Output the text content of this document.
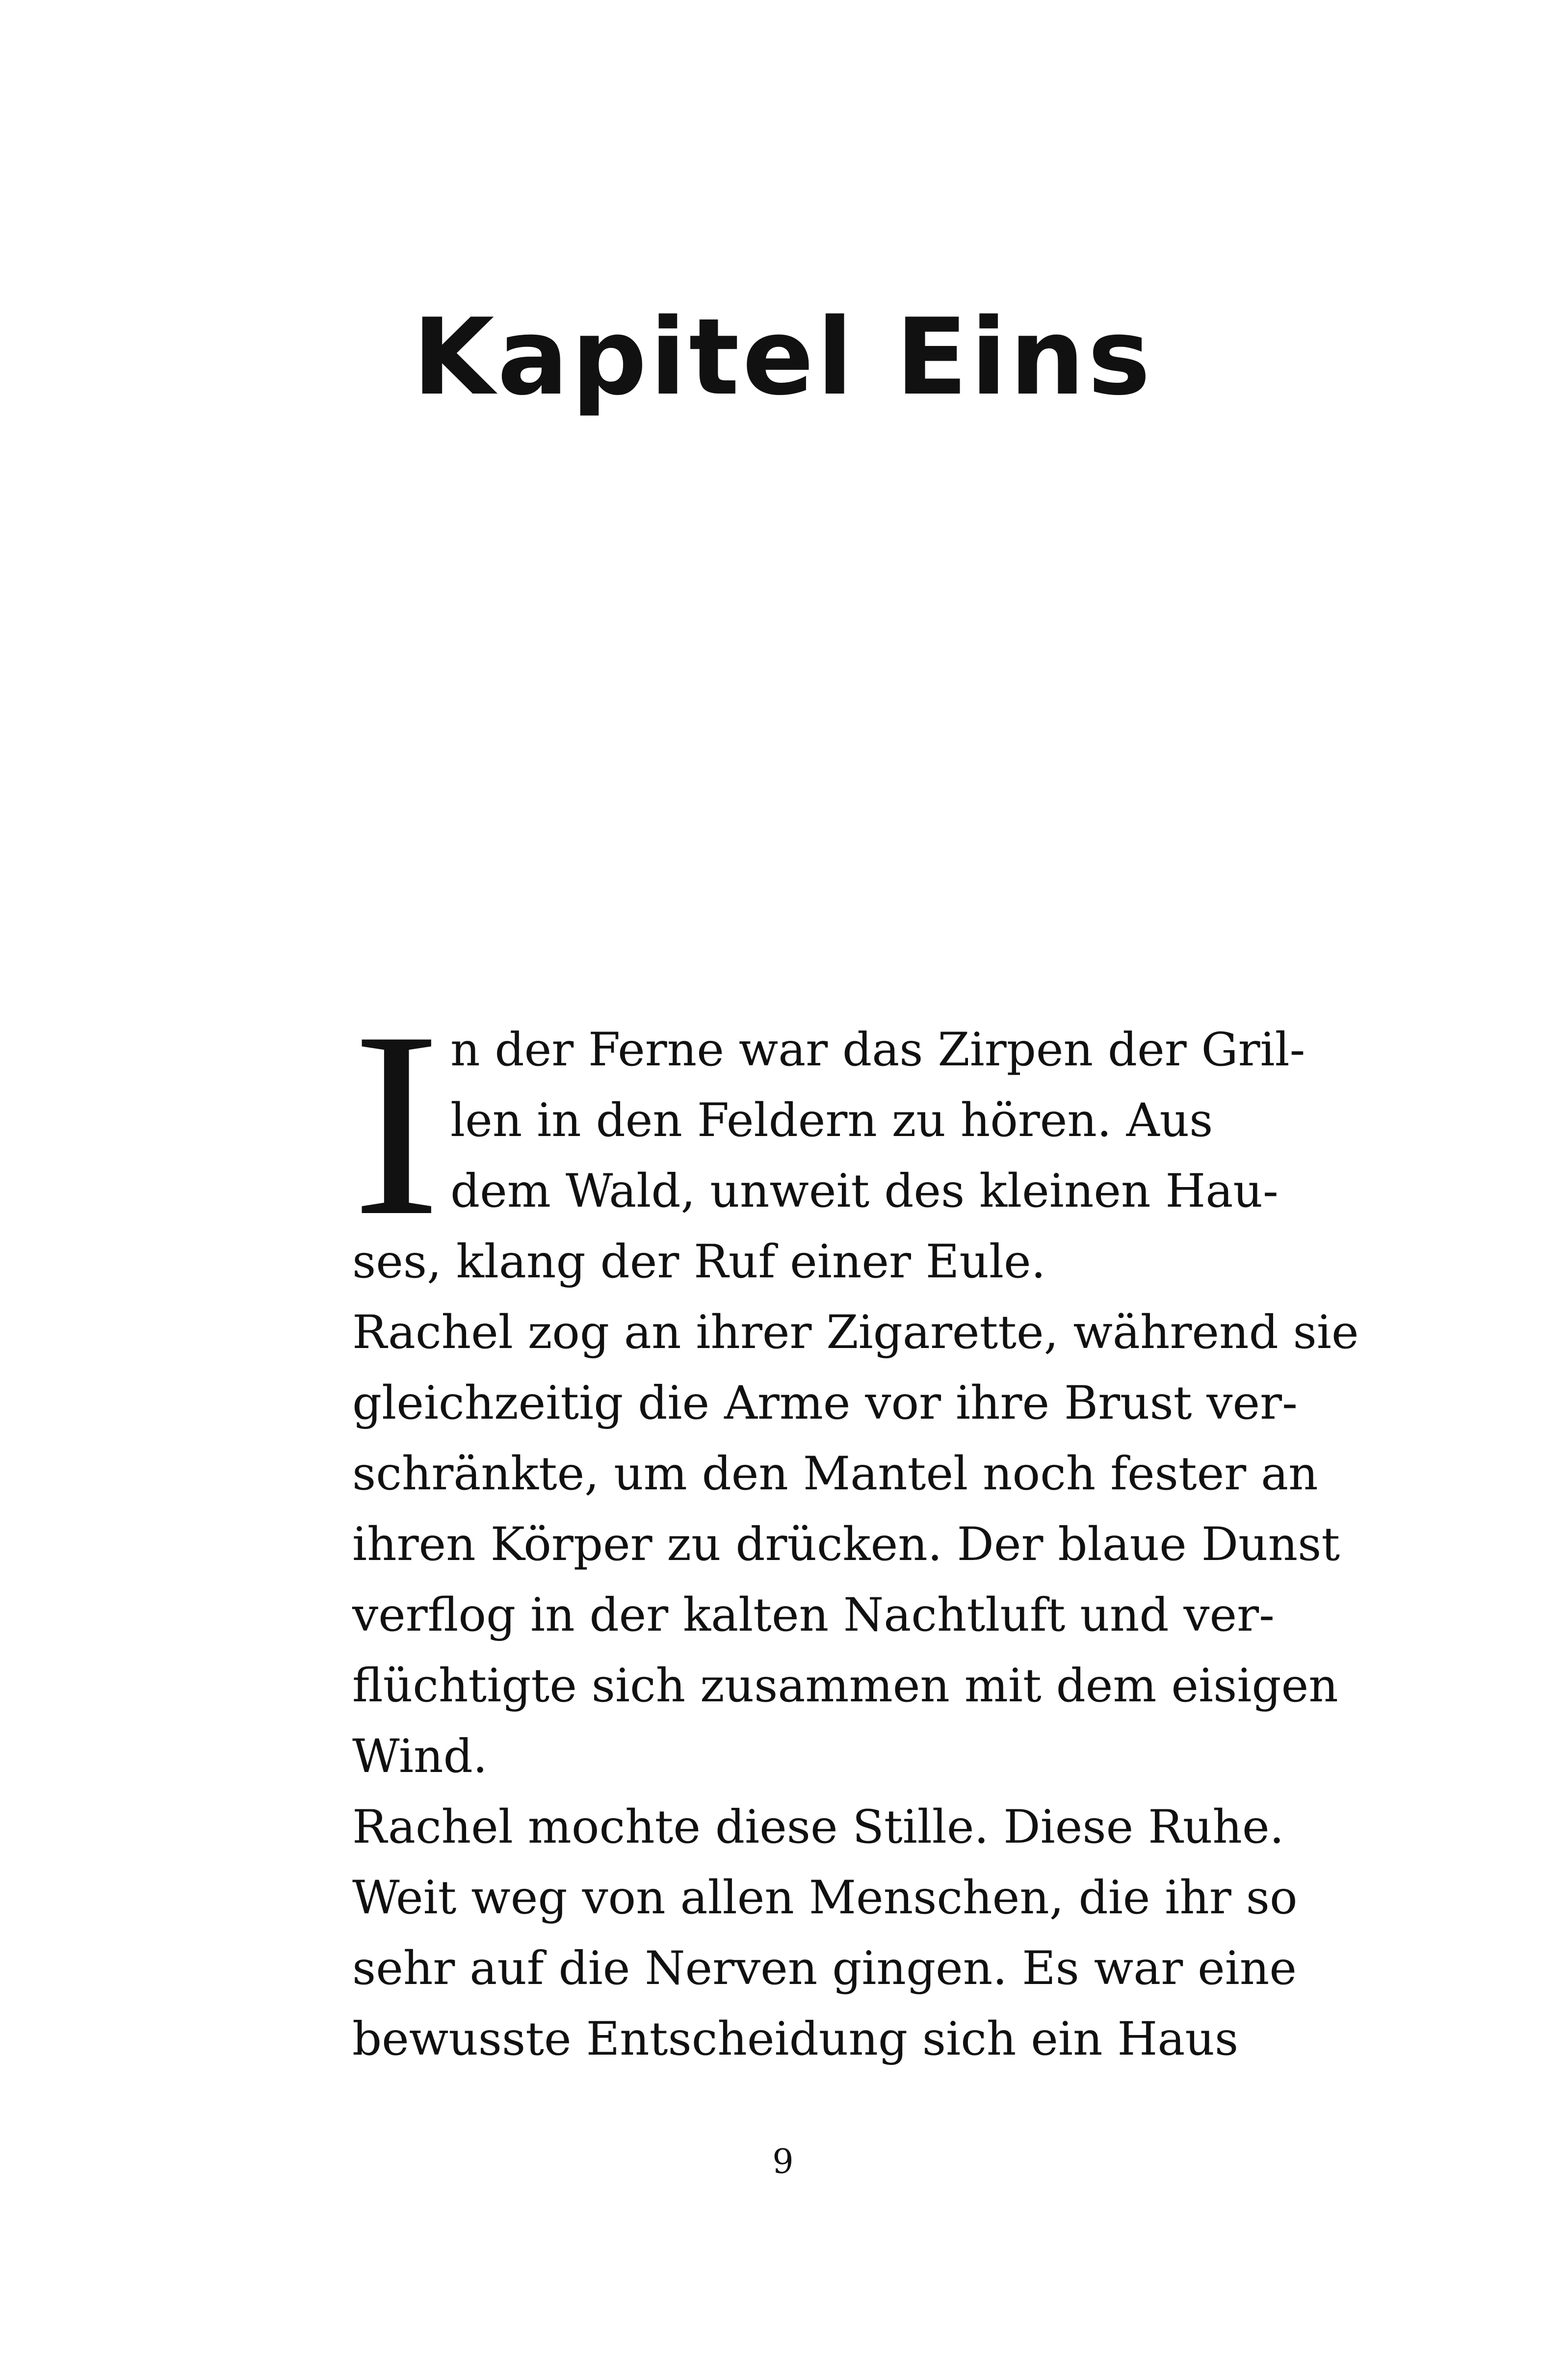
Kapitel Eins
I n der Ferne war das Zirpen der Gril-
len in den Feldern zu hören. Aus
dem Wald, unweit des kleinen Hau-
ses, klang der Ruf einer Eule.
Rachel zog an ihrer Zigarette, während sie
gleichzeitig die Arme vor ihre Brust ver-
schränkte, um den Mantel noch fester an
ihren Körper zu drücken. Der blaue Dunst
verflog in der kalten Nachtluft und ver-
flüchtigte sich zusammen mit dem eisigen
Wind.
Rachel mochte diese Stille. Diese Ruhe.
Weit weg von allen Menschen, die ihr so
sehr auf die Nerven gingen. Es war eine
bewusste Entscheidung sich ein Haus
9
